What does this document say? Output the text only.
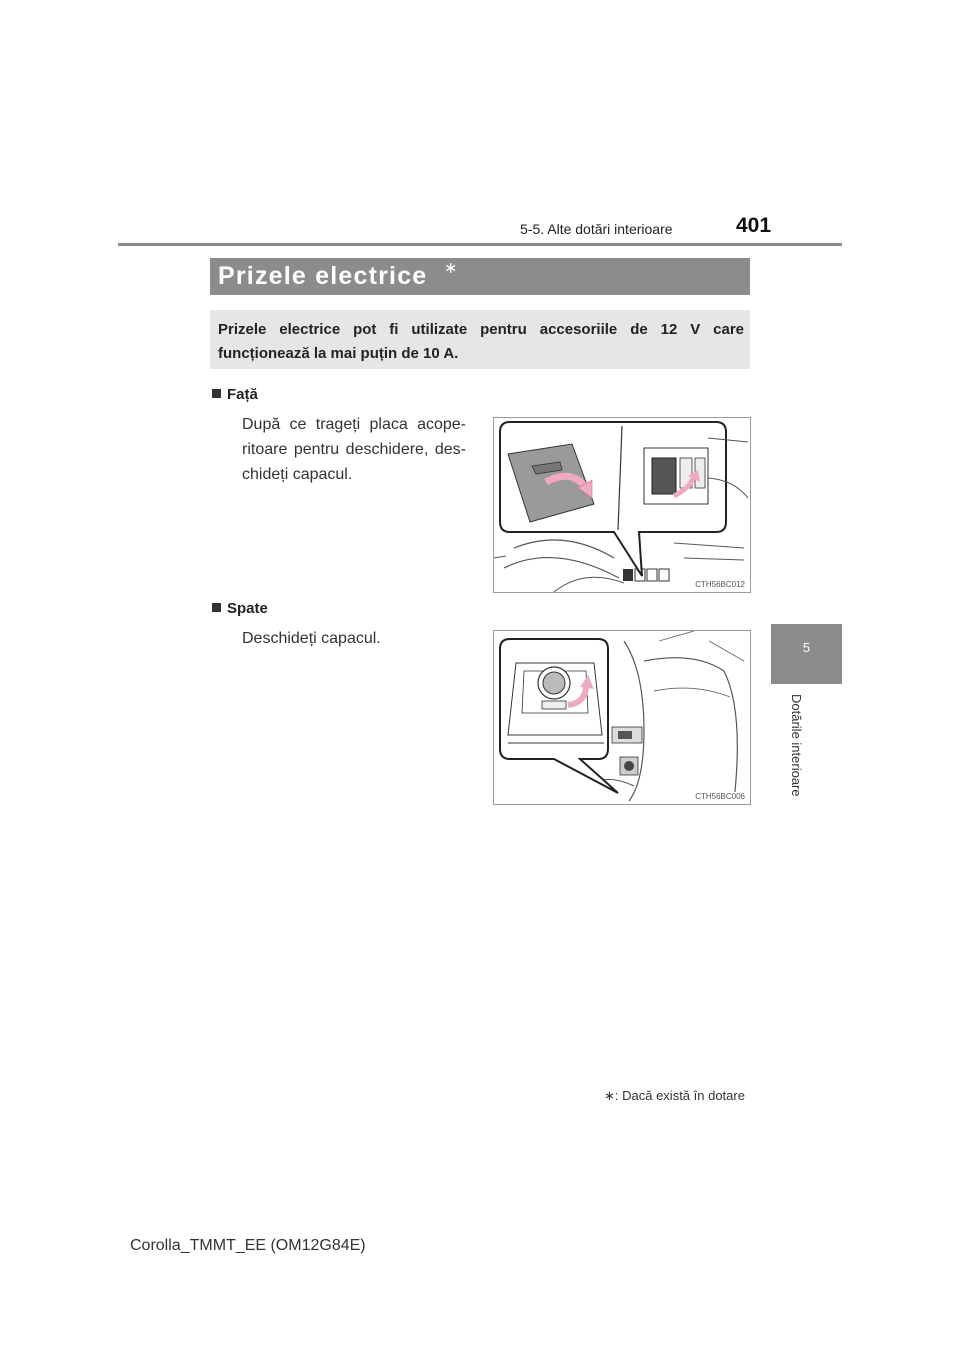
5-5. Alte dotări interioare	401
Prizele electrice ∗
Prizele electrice pot fi utilizate pentru accesoriile de 12 V care funcționează la mai puțin de 10 A.
Față
După ce trageți placa acope-
ritoare pentru deschidere, des-
chideți capacul.
CTH56BC012
Spate
Deschideți capacul.
CTH56BC006
5
Dotările interioare
∗: Dacă există în dotare
Corolla_TMMT_EE (OM12G84E)
